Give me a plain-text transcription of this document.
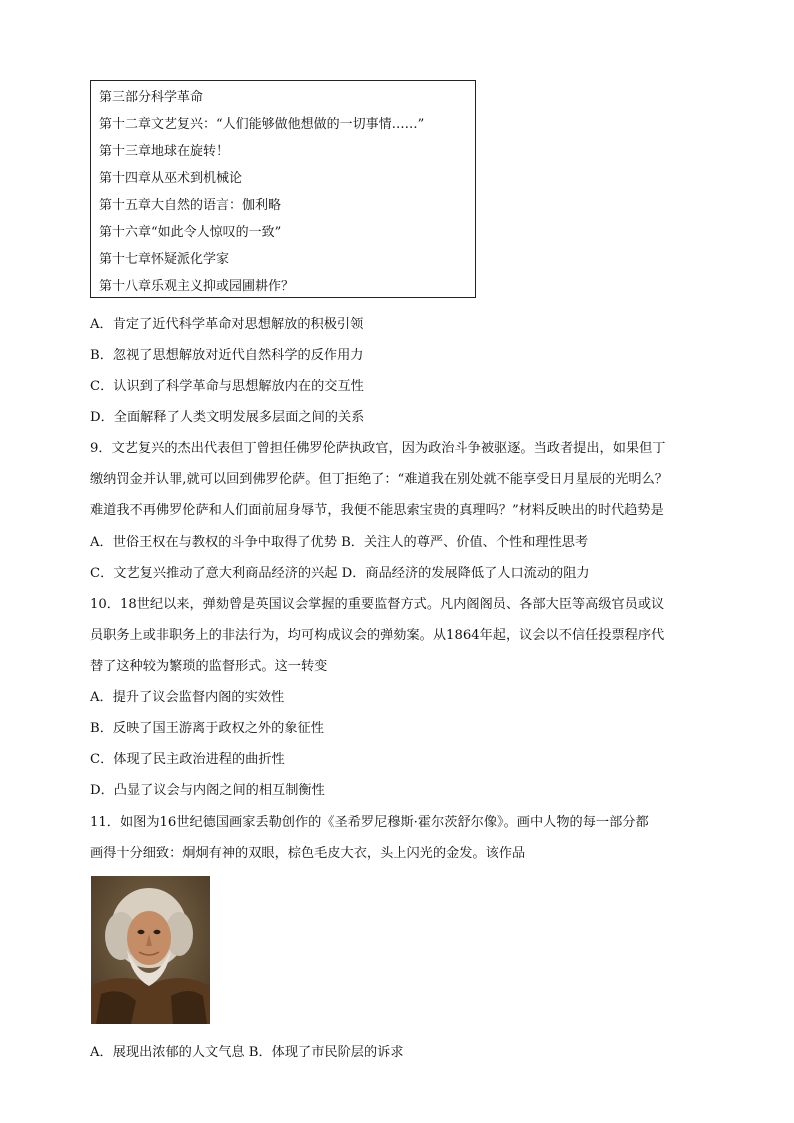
第三部分科学革命
第十二章文艺复兴：“人们能够做他想做的一切事情……”
第十三章地球在旋转！
第十四章从巫术到机械论
第十五章大自然的语言：伽利略
第十六章“如此令人惊叹的一致”
第十七章怀疑派化学家
第十八章乐观主义抑或园圃耕作？
A．肯定了近代科学革命对思想解放的积极引领
B．忽视了思想解放对近代自然科学的反作用力
C．认识到了科学革命与思想解放内在的交互性
D．全面解释了人类文明发展多层面之间的关系
9．文艺复兴的杰出代表但丁曾担任佛罗伦萨执政官，因为政治斗争被驱逐。当政者提出，如果但丁
缴纳罚金并认罪,就可以回到佛罗伦萨。但丁拒绝了：“难道我在别处就不能享受日月星辰的光明么？
难道我不再佛罗伦萨和人们面前屈身辱节，我便不能思索宝贵的真理吗？”材料反映出的时代趋势是
A．世俗王权在与教权的斗争中取得了优势 B．关注人的尊严、价值、个性和理性思考
C．文艺复兴推动了意大利商品经济的兴起 D．商品经济的发展降低了人口流动的阻力
10．18世纪以来，弹劾曾是英国议会掌握的重要监督方式。凡内阁阁员、各部大臣等高级官员或议
员职务上或非职务上的非法行为，均可构成议会的弹劾案。从1864年起，议会以不信任投票程序代
替了这种较为繁琐的监督形式。这一转变
A．提升了议会监督内阁的实效性
B．反映了国王游离于政权之外的象征性
C．体现了民主政治进程的曲折性
D．凸显了议会与内阁之间的相互制衡性
11．如图为16世纪德国画家丢勒创作的《圣希罗尼穆斯·霍尔茨舒尔像》。画中人物的每一部分都
画得十分细致：炯炯有神的双眼，棕色毛皮大衣，头上闪光的金发。该作品
A．展现出浓郁的人文气息 B．体现了市民阶层的诉求
